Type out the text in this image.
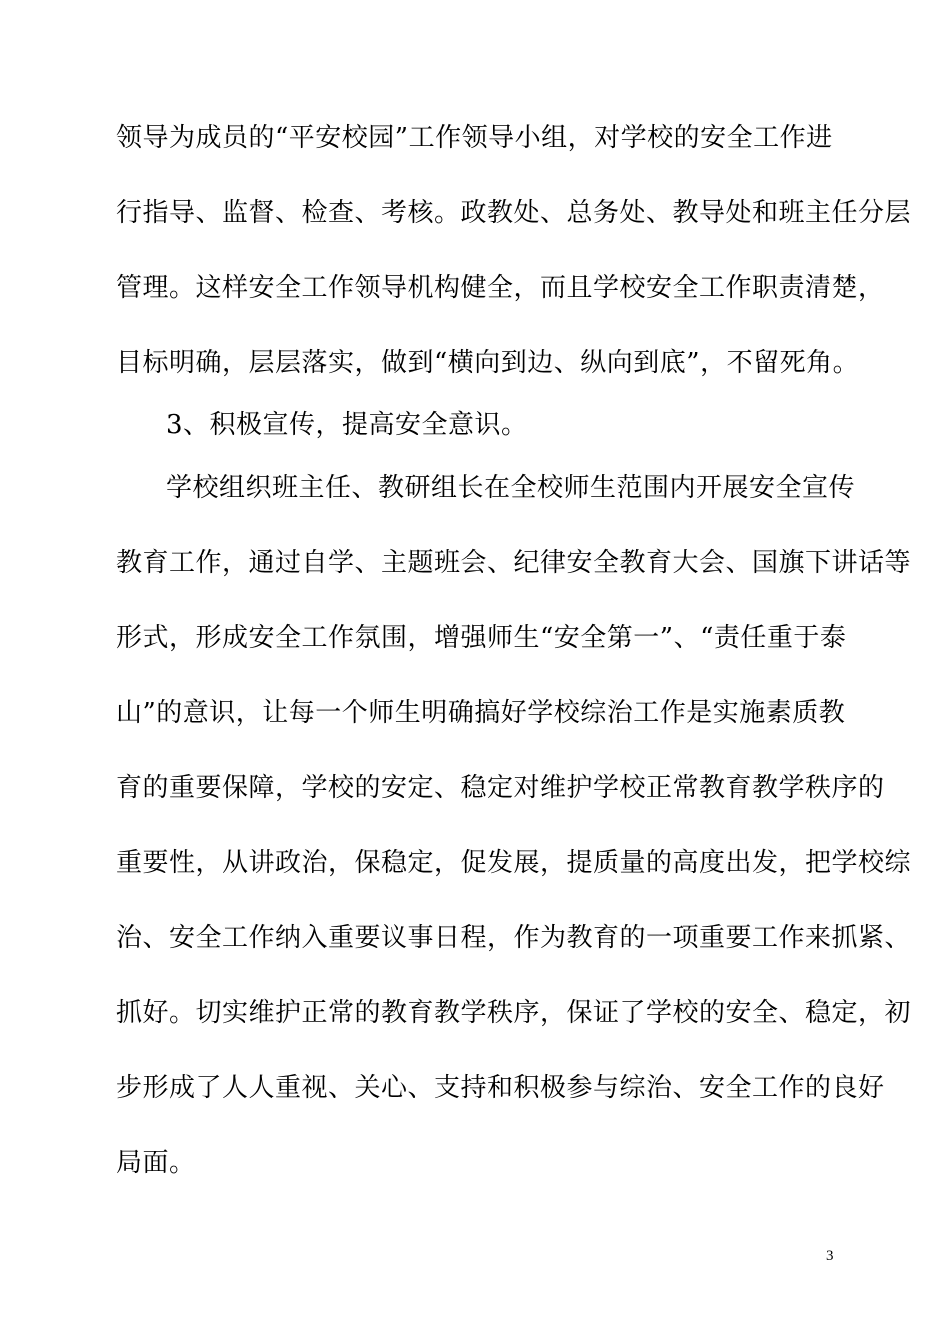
领导为成员的“平安校园”工作领导小组，对学校的安全工作进
行指导、监督、检查、考核。政教处、总务处、教导处和班主任分层
管理。这样安全工作领导机构健全，而且学校安全工作职责清楚，
目标明确，层层落实，做到“横向到边、纵向到底”，不留死角。
3、积极宣传，提高安全意识。
学校组织班主任、教研组长在全校师生范围内开展安全宣传
教育工作，通过自学、主题班会、纪律安全教育大会、国旗下讲话等
形式，形成安全工作氛围，增强师生“安全第一”、“责任重于泰
山”的意识，让每一个师生明确搞好学校综治工作是实施素质教
育的重要保障，学校的安定、稳定对维护学校正常教育教学秩序的
重要性，从讲政治，保稳定，促发展，提质量的高度出发，把学校综
治、安全工作纳入重要议事日程，作为教育的一项重要工作来抓紧、
抓好。切实维护正常的教育教学秩序，保证了学校的安全、稳定，初
步形成了人人重视、关心、支持和积极参与综治、安全工作的良好
局面。
3
